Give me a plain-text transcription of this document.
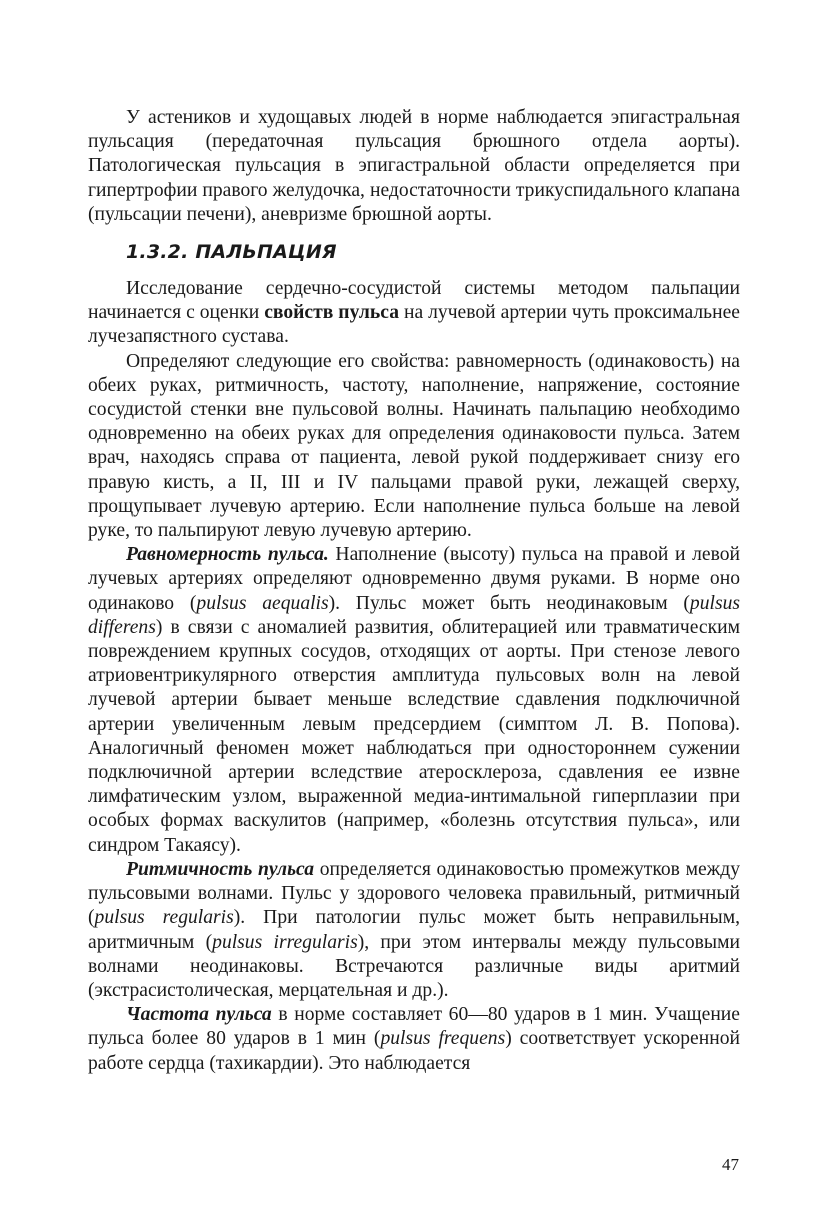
У астеников и худощавых людей в норме наблюдается эпигастральная пульсация (передаточная пульсация брюшного отдела аорты). Патологическая пульсация в эпигастральной области определяется при гипертрофии правого желудочка, недостаточности трикуспидального клапана (пульсации печени), аневризме брюшной аорты.

1.3.2. ПАЛЬПАЦИЯ

Исследование сердечно-сосудистой системы методом пальпации начинается с оценки свойств пульса на лучевой артерии чуть проксимальнее лучезапястного сустава.

Определяют следующие его свойства: равномерность (одинаковость) на обеих руках, ритмичность, частоту, наполнение, напряжение, состояние сосудистой стенки вне пульсовой волны. Начинать пальпацию необходимо одновременно на обеих руках для определения одинаковости пульса. Затем врач, находясь справа от пациента, левой рукой поддерживает снизу его правую кисть, а II, III и IV пальцами правой руки, лежащей сверху, прощупывает лучевую артерию. Если наполнение пульса больше на левой руке, то пальпируют левую лучевую артерию.

Равномерность пульса. Наполнение (высоту) пульса на правой и левой лучевых артериях определяют одновременно двумя руками. В норме оно одинаково (pulsus aequalis). Пульс может быть неодинаковым (pulsus differens) в связи с аномалией развития, облитерацией или травматическим повреждением крупных сосудов, отходящих от аорты. При стенозе левого атриовентрикулярного отверстия амплитуда пульсовых волн на левой лучевой артерии бывает меньше вследствие сдавления подключичной артерии увеличенным левым предсердием (симптом Л. В. Попова). Аналогичный феномен может наблюдаться при одностороннем сужении подключичной артерии вследствие атеросклероза, сдавления ее извне лимфатическим узлом, выраженной медиа-интимальной гиперплазии при особых формах васкулитов (например, «болезнь отсутствия пульса», или синдром Такаясу).

Ритмичность пульса определяется одинаковостью промежутков между пульсовыми волнами. Пульс у здорового человека правильный, ритмичный (pulsus regularis). При патологии пульс может быть неправильным, аритмичным (pulsus irregularis), при этом интервалы между пульсовыми волнами неодинаковы. Встречаются различные виды аритмий (экстрасистолическая, мерцательная и др.).

Частота пульса в норме составляет 60—80 ударов в 1 мин. Учащение пульса более 80 ударов в 1 мин (pulsus frequens) соответствует ускоренной работе сердца (тахикардии). Это наблюдается

47
